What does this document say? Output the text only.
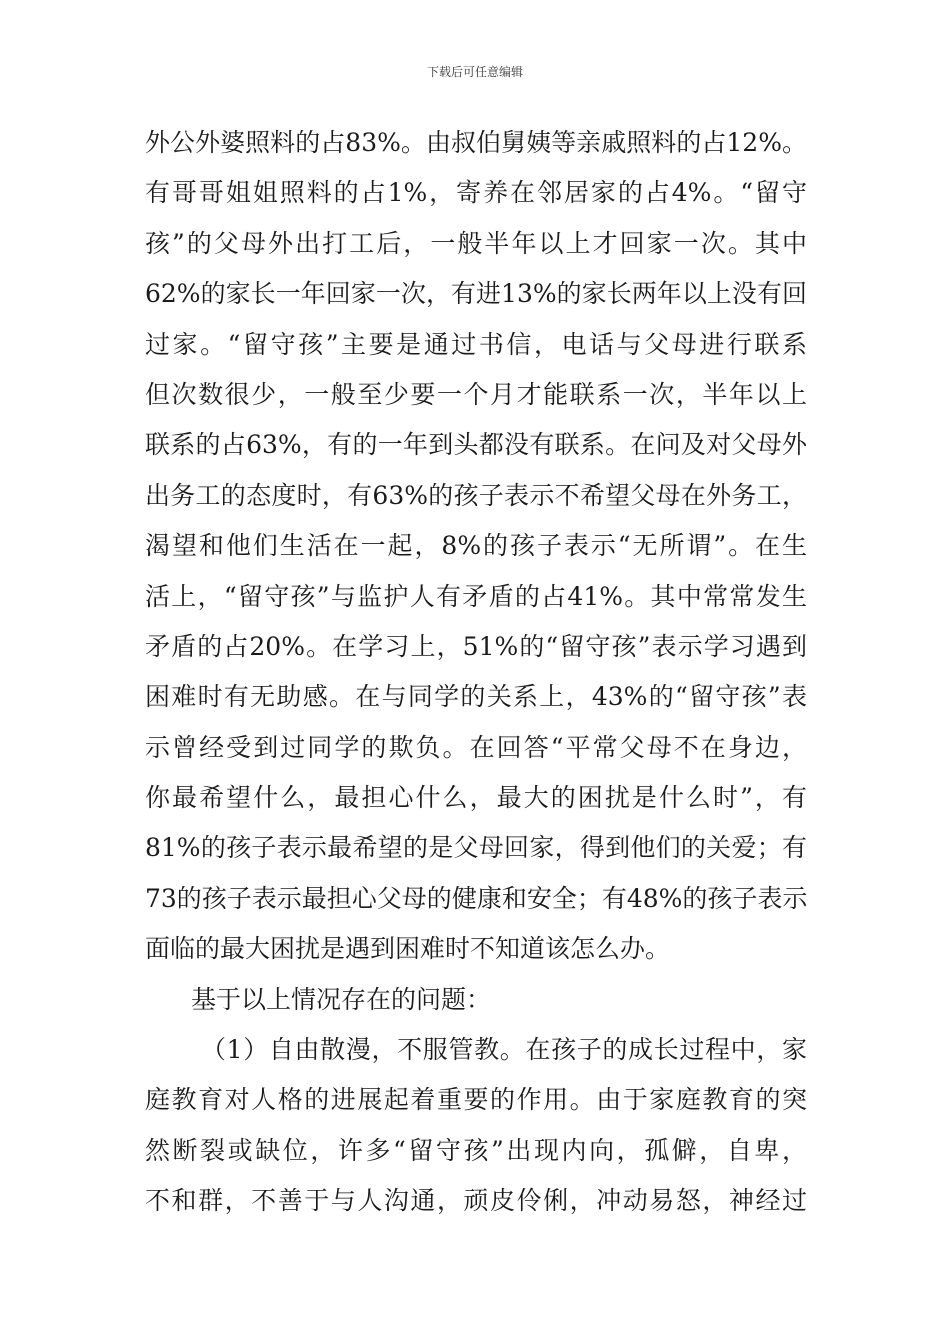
下载后可任意编辑
外公外婆照料的占83%。由叔伯舅姨等亲戚照料的占12%。
有哥哥姐姐照料的占1%，寄养在邻居家的占4%。“留守
孩”的父母外出打工后，一般半年以上才回家一次。其中
62%的家长一年回家一次，有进13%的家长两年以上没有回
过家。“留守孩”主要是通过书信，电话与父母进行联系
但次数很少，一般至少要一个月才能联系一次，半年以上
联系的占63%，有的一年到头都没有联系。在问及对父母外
出务工的态度时，有63%的孩子表示不希望父母在外务工，
渴望和他们生活在一起，8%的孩子表示“无所谓”。在生
活上，“留守孩”与监护人有矛盾的占41%。其中常常发生
矛盾的占20%。在学习上，51%的“留守孩”表示学习遇到
困难时有无助感。在与同学的关系上，43%的“留守孩”表
示曾经受到过同学的欺负。在回答“平常父母不在身边，
你最希望什么，最担心什么，最大的困扰是什么时”，有
81%的孩子表示最希望的是父母回家，得到他们的关爱；有
73的孩子表示最担心父母的健康和安全；有48%的孩子表示
面临的最大困扰是遇到困难时不知道该怎么办。
基于以上情况存在的问题：
（1）自由散漫，不服管教。在孩子的成长过程中，家
庭教育对人格的进展起着重要的作用。由于家庭教育的突
然断裂或缺位，许多“留守孩”出现内向，孤僻，自卑，
不和群，不善于与人沟通，顽皮伶俐，冲动易怒，神经过
